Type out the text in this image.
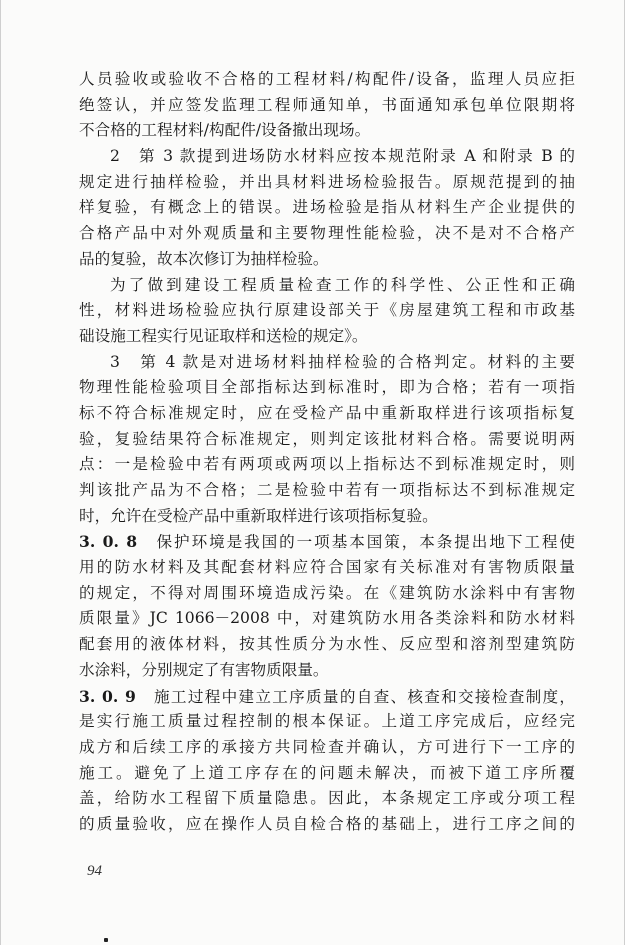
人员验收或验收不合格的工程材料/构配件/设备，监理人员应拒
绝签认，并应签发监理工程师通知单，书面通知承包单位限期将
不合格的工程材料/构配件/设备撤出现场。
2　第 3 款提到进场防水材料应按本规范附录 A 和附录 B 的
规定进行抽样检验，并出具材料进场检验报告。原规范提到的抽
样复验，有概念上的错误。进场检验是指从材料生产企业提供的
合格产品中对外观质量和主要物理性能检验，决不是对不合格产
品的复验，故本次修订为抽样检验。
为了做到建设工程质量检查工作的科学性、公正性和正确
性，材料进场检验应执行原建设部关于《房屋建筑工程和市政基
础设施工程实行见证取样和送检的规定》。
3　第 4 款是对进场材料抽样检验的合格判定。材料的主要
物理性能检验项目全部指标达到标准时，即为合格；若有一项指
标不符合标准规定时，应在受检产品中重新取样进行该项指标复
验，复验结果符合标准规定，则判定该批材料合格。需要说明两
点：一是检验中若有两项或两项以上指标达不到标准规定时，则
判该批产品为不合格；二是检验中若有一项指标达不到标准规定
时，允许在受检产品中重新取样进行该项指标复验。
3. 0. 8　保护环境是我国的一项基本国策，本条提出地下工程使
用的防水材料及其配套材料应符合国家有关标准对有害物质限量
的规定，不得对周围环境造成污染。在《建筑防水涂料中有害物
质限量》JC 1066－2008 中，对建筑防水用各类涂料和防水材料
配套用的液体材料，按其性质分为水性、反应型和溶剂型建筑防
水涂料，分别规定了有害物质限量。
3. 0. 9　施工过程中建立工序质量的自查、核查和交接检查制度，
是实行施工质量过程控制的根本保证。上道工序完成后，应经完
成方和后续工序的承接方共同检查并确认，方可进行下一工序的
施工。避免了上道工序存在的问题未解决，而被下道工序所覆
盖，给防水工程留下质量隐患。因此，本条规定工序或分项工程
的质量验收，应在操作人员自检合格的基础上，进行工序之间的
94
